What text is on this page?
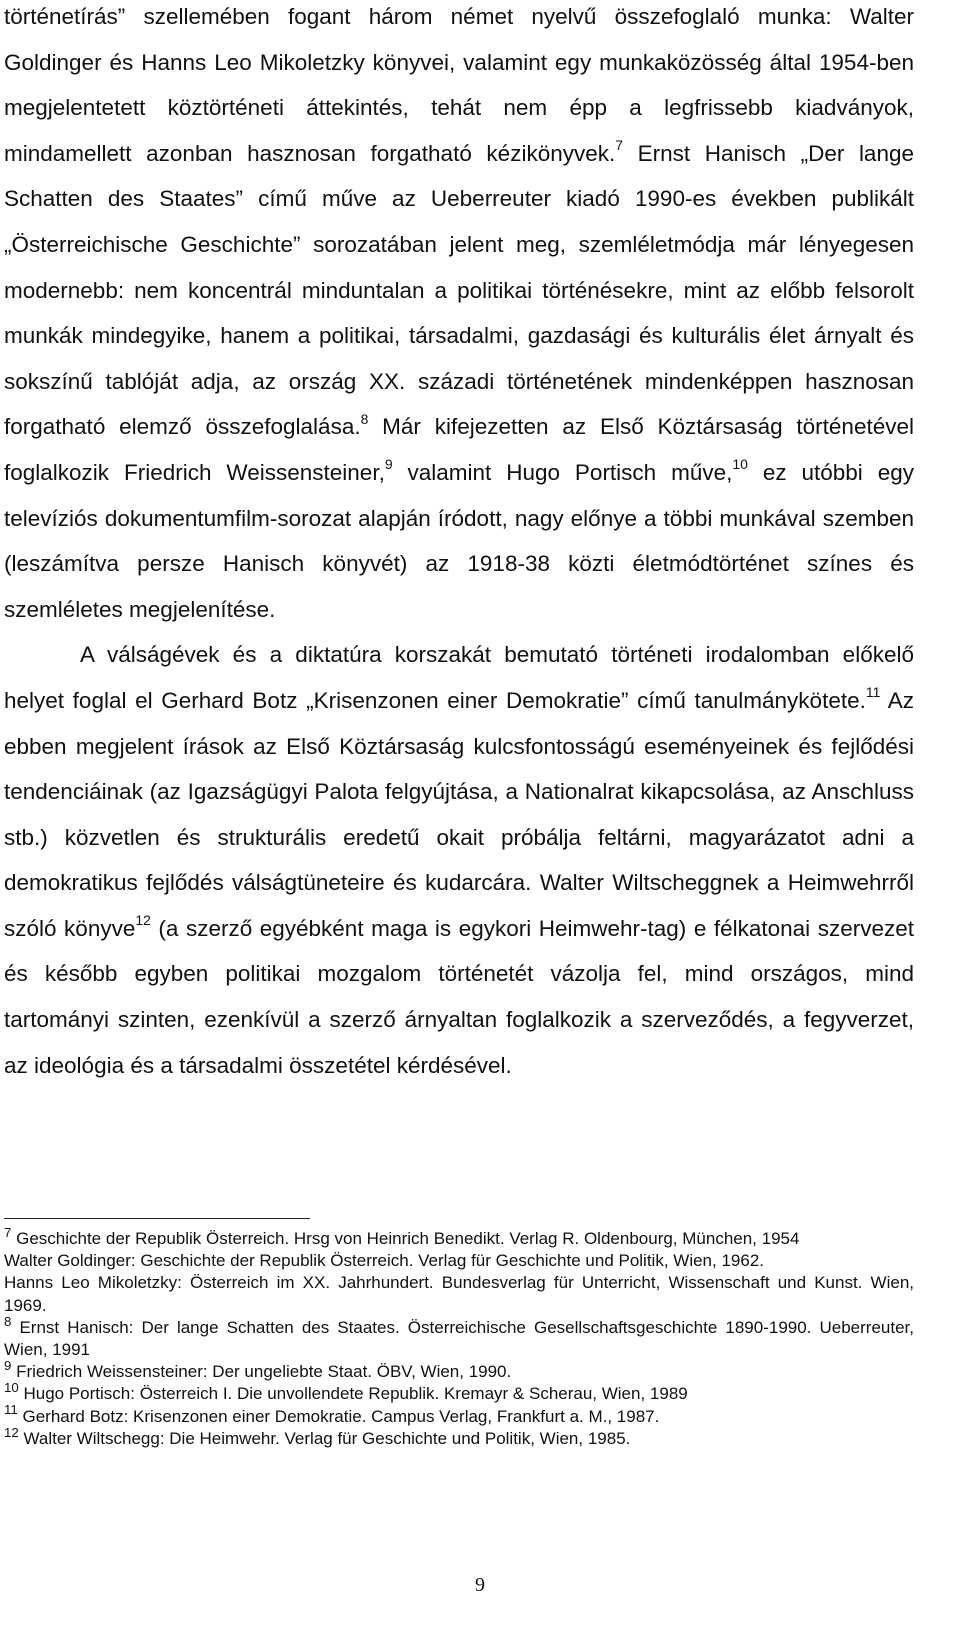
történetírás” szellemében fogant három német nyelvű összefoglaló munka: Walter Goldinger és Hanns Leo Mikoletzky könyvei, valamint egy munkaközösség által 1954-ben megjelentetett köztörténeti áttekintés, tehát nem épp a legfrissebb kiadványok, mindamellett azonban hasznosan forgatható kézikönyvek.$^7$ Ernst Hanisch „Der lange Schatten des Staates” című műve az Ueberreuter kiadó 1990-es években publikált „Österreichische Geschichte” sorozatában jelent meg, szemléletmódja már lényegesen modernebb: nem koncentrál minduntalan a politikai történésekre, mint az előbb felsorolt munkák mindegyike, hanem a politikai, társadalmi, gazdasági és kulturális élet árnyalt és sokszínű tablóját adja, az ország XX. századi történetének mindenképpen hasznosan forgatható elemző összefoglalása.$^8$ Már kifejezetten az Első Köztársaság történetével foglalkozik Friedrich Weissensteiner,$^9$ valamint Hugo Portisch műve,$^{10}$ ez utóbbi egy televíziós dokumentumfilm-sorozat alapján íródott, nagy előnye a többi munkával szemben (leszámítva persze Hanisch könyvét) az 1918-38 közti életmódtörténet színes és szemléletes megjelenítése.

A válságévek és a diktatúra korszakát bemutató történeti irodalomban előkelő helyet foglal el Gerhard Botz „Krisenzonen einer Demokratie” című tanulmánykötete.$^{11}$ Az ebben megjelent írások az Első Köztársaság kulcsfontosságú eseményeinek és fejlődési tendenciáinak (az Igazságügyi Palota felgyújtása, a Nationalrat kikapcsolása, az Anschluss stb.) közvetlen és strukturális eredetű okait próbálja feltárni, magyarázatot adni a demokratikus fejlődés válságtüneteire és kudarcára. Walter Wiltscheggnek a Heimwehrről szóló könyve$^{12}$ (a szerző egyébként maga is egykori Heimwehr-tag) e félkatonai szervezet és később egyben politikai mozgalom történetét vázolja fel, mind országos, mind tartományi szinten, ezenkívül a szerző árnyaltan foglalkozik a szerveződés, a fegyverzet, az ideológia és a társadalmi összetétel kérdésével.

$^7$ Geschichte der Republik Österreich. Hrsg von Heinrich Benedikt. Verlag R. Oldenbourg, München, 1954

Walter Goldinger: Geschichte der Republik Österreich. Verlag für Geschichte und Politik, Wien, 1962.

Hanns Leo Mikoletzky: Österreich im XX. Jahrhundert. Bundesverlag für Unterricht, Wissenschaft und Kunst. Wien, 1969.

$^8$ Ernst Hanisch: Der lange Schatten des Staates. Österreichische Gesellschaftsgeschichte 1890-1990. Ueberreuter, Wien, 1991

$^9$ Friedrich Weissensteiner: Der ungeliebte Staat. ÖBV, Wien, 1990.

$^{10}$ Hugo Portisch: Österreich I. Die unvollendete Republik. Kremayr & Scherau, Wien, 1989

$^{11}$ Gerhard Botz: Krisenzonen einer Demokratie. Campus Verlag, Frankfurt a. M., 1987.

$^{12}$ Walter Wiltschegg: Die Heimwehr. Verlag für Geschichte und Politik, Wien, 1985.

9
